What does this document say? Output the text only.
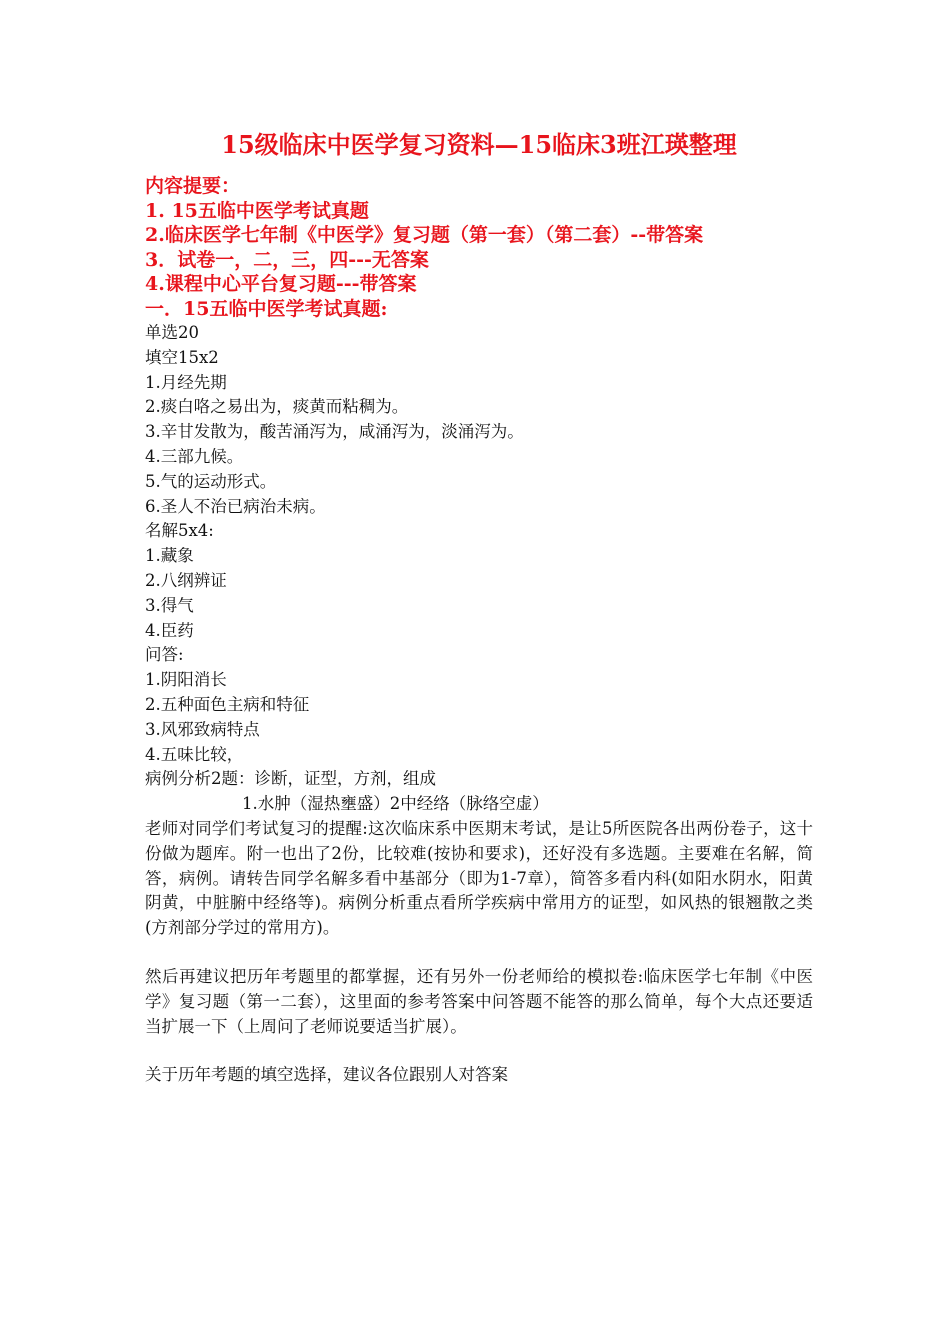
15级临床中医学复习资料—15临床3班江瑛整理

内容提要：

1. 15五临中医学考试真题

2.临床医学七年制《中医学》复习题（第一套）（第二套）--带答案

3．试卷一，二，三，四---无答案

4.课程中心平台复习题---带答案

一．15五临中医学考试真题:

单选20

填空15x2

1.月经先期

2.痰白咯之易出为，痰黄而粘稠为。

3.辛甘发散为，酸苦涌泻为，咸涌泻为，淡涌泻为。

4.三部九候。

5.气的运动形式。

6.圣人不治已病治未病。

名解5x4:

1.藏象

2.八纲辨证

3.得气

4.臣药

问答:

1.阴阳消长

2.五种面色主病和特征

3.风邪致病特点

4.五味比较，

病例分析2题：诊断，证型，方剂，组成

1.水肿（湿热壅盛）2中经络（脉络空虚）

老师对同学们考试复习的提醒:这次临床系中医期末考试，是让5所医院各出两份卷子，这十份做为题库。附一也出了2份，比较难(按协和要求)，还好没有多选题。主要难在名解，简答，病例。请转告同学名解多看中基部分（即为1-7章），简答多看内科(如阳水阴水，阳黄阴黄，中脏腑中经络等)。病例分析重点看所学疾病中常用方的证型，如风热的银翘散之类(方剂部分学过的常用方)。

然后再建议把历年考题里的都掌握，还有另外一份老师给的模拟卷:临床医学七年制《中医学》复习题（第一二套），这里面的参考答案中问答题不能答的那么简单，每个大点还要适当扩展一下（上周问了老师说要适当扩展）。

关于历年考题的填空选择，建议各位跟别人对答案
